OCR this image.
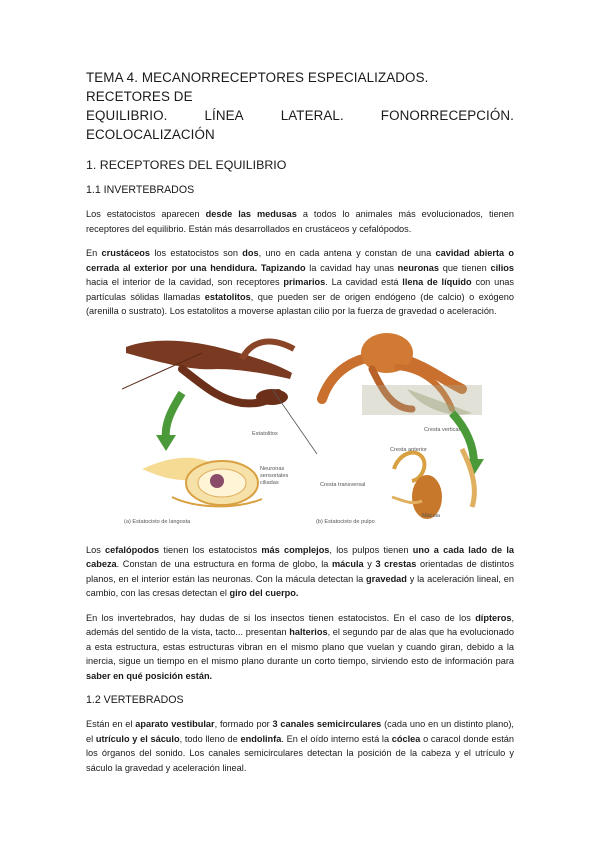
TEMA 4. MECANORRECEPTORES ESPECIALIZADOS. RECETORES DE
EQUILIBRIO.	LÍNEA	LATERAL.	FONORRECEPCIÓN.
ECOLOCALIZACIÓN
1. RECEPTORES DEL EQUILIBRIO
1.1 INVERTEBRADOS

Los estatocistos aparecen desde las medusas a todos lo animales más evolucionados, tienen receptores del equilibrio. Están más desarrollados en crustáceos y cefalópodos.

En crustáceos los estatocistos son dos, uno en cada antena y constan de una cavidad abierta o cerrada al exterior por una hendidura. Tapizando la cavidad hay unas neuronas que tienen cilios hacia el interior de la cavidad, son receptores primarios. La cavidad está llena de líquido con unas partículas sólidas llamadas estatolitos, que pueden ser de origen endógeno (de calcio) o exógeno (arenilla o sustrato). Los estatolitos a moverse aplastan cilio por la fuerza de gravedad o aceleración.

Estatolitos
Neuronas sensoriales ciliadas
(a) Estatocisto de langosta	(b) Estatocisto de pulpo
Cresta vertical
Cresta anterior
Cresta transversal
Mácula

Los cefalópodos tienen los estatocistos más complejos, los pulpos tienen uno a cada lado de la cabeza. Constan de una estructura en forma de globo, la mácula y 3 crestas orientadas de distintos planos, en el interior están las neuronas. Con la mácula detectan la gravedad y la aceleración lineal, en cambio, con las cresas detectan el giro del cuerpo.

En los invertebrados, hay dudas de si los insectos tienen estatocistos. En el caso de los dípteros, además del sentido de la vista, tacto... presentan halterios, el segundo par de alas que ha evolucionado a esta estructura, estas estructuras vibran en el mismo plano que vuelan y cuando giran, debido a la inercia, sigue un tiempo en el mismo plano durante un corto tiempo, sirviendo esto de información para saber en qué posición están.

1.2 VERTEBRADOS

Están en el aparato vestibular, formado por 3 canales semicirculares (cada uno en un distinto plano), el utrículo y el sáculo, todo lleno de endolinfa. En el oído interno está la cóclea o caracol donde están los órganos del sonido. Los canales semicirculares detectan la posición de la cabeza y el utrículo y sáculo la gravedad y aceleración lineal.
